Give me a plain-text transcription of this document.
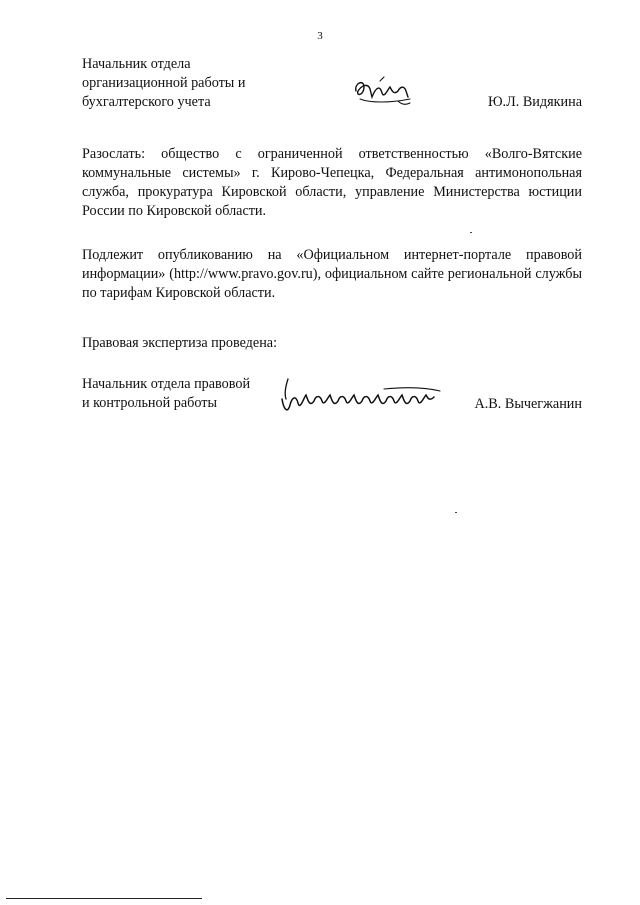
3
Начальник отдела
организационной работы и
бухгалтерского учета	Ю.Л. Видякина
Разослать: общество с ограниченной ответственностью «Волго-Вятские коммунальные системы» г. Кирово-Чепецка, Федеральная антимонопольная служба, прокуратура Кировской области, управление Министерства юстиции России по Кировской области.
Подлежит опубликованию на «Официальном интернет-портале правовой информации» (http://www.pravo.gov.ru), официальном сайте региональной службы по тарифам Кировской области.
Правовая экспертиза проведена:
Начальник отдела правовой
и контрольной работы	А.В. Вычегжанин
